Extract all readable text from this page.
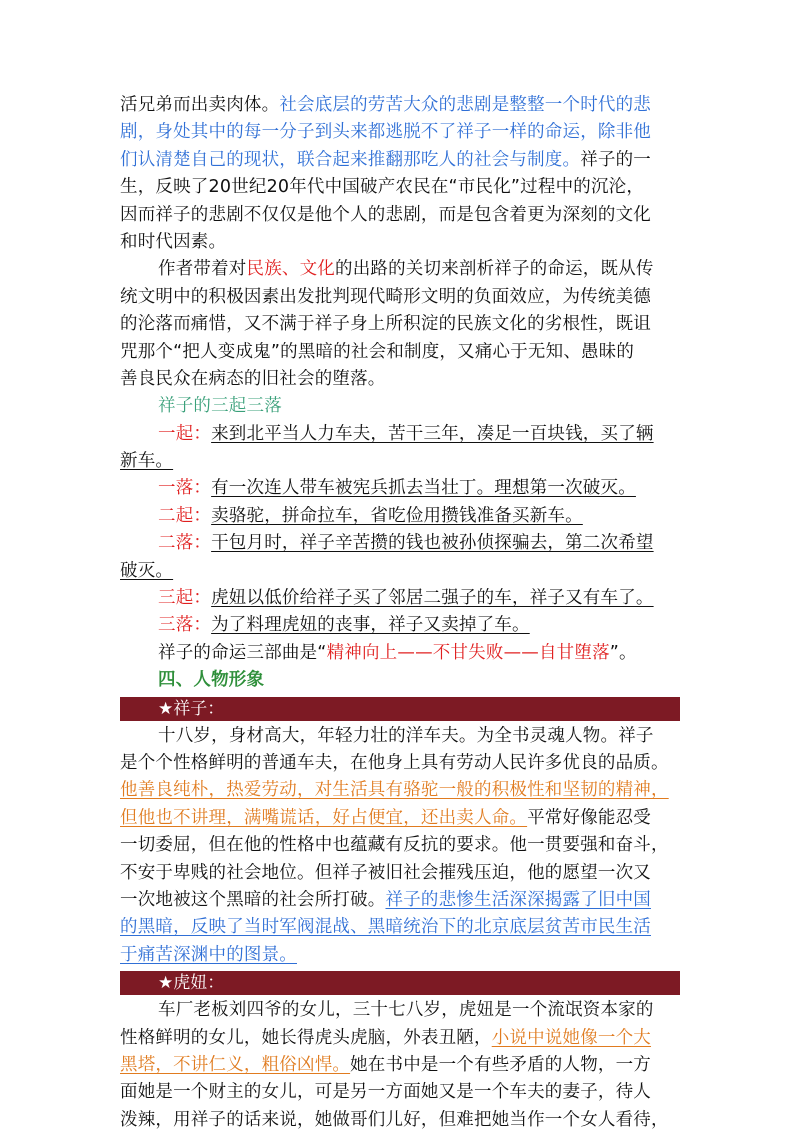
活兄弟而出卖肉体。社会底层的劳苦大众的悲剧是整整一个时代的悲
剧，身处其中的每一分子到头来都逃脱不了祥子一样的命运，除非他
们认清楚自己的现状，联合起来推翻那吃人的社会与制度。祥子的一
生，反映了20世纪20年代中国破产农民在“市民化”过程中的沉沦，
因而祥子的悲剧不仅仅是他个人的悲剧，而是包含着更为深刻的文化
和时代因素。
作者带着对民族、文化的出路的关切来剖析祥子的命运，既从传
统文明中的积极因素出发批判现代畸形文明的负面效应，为传统美德
的沦落而痛惜，又不满于祥子身上所积淀的民族文化的劣根性，既诅
咒那个“把人变成鬼”的黑暗的社会和制度，又痛心于无知、愚昧的
善良民众在病态的旧社会的堕落。
祥子的三起三落
一起：来到北平当人力车夫，苦干三年，凑足一百块钱，买了辆
新车。
一落：有一次连人带车被宪兵抓去当壮丁。理想第一次破灭。
二起：卖骆驼，拼命拉车，省吃俭用攒钱准备买新车。
二落：干包月时，祥子辛苦攒的钱也被孙侦探骗去，第二次希望
破灭。
三起：虎妞以低价给祥子买了邻居二强子的车，祥子又有车了。
三落：为了料理虎妞的丧事，祥子又卖掉了车。
祥子的命运三部曲是“精神向上——不甘失败——自甘堕落”。
四、人物形象
★祥子：
十八岁，身材高大，年轻力壮的洋车夫。为全书灵魂人物。祥子
是个个性格鲜明的普通车夫，在他身上具有劳动人民许多优良的品质。
他善良纯朴，热爱劳动，对生活具有骆驼一般的积极性和坚韧的精神，
但他也不讲理，满嘴谎话，好占便宜，还出卖人命。平常好像能忍受
一切委屈，但在他的性格中也蕴藏有反抗的要求。他一贯要强和奋斗，
不安于卑贱的社会地位。但祥子被旧社会摧残压迫，他的愿望一次又
一次地被这个黑暗的社会所打破。祥子的悲惨生活深深揭露了旧中国
的黑暗，反映了当时军阀混战、黑暗统治下的北京底层贫苦市民生活
于痛苦深渊中的图景。
★虎妞：
车厂老板刘四爷的女儿，三十七八岁，虎妞是一个流氓资本家的
性格鲜明的女儿，她长得虎头虎脑，外表丑陋，小说中说她像一个大
黑塔，不讲仁义，粗俗凶悍。她在书中是一个有些矛盾的人物，一方
面她是一个财主的女儿，可是另一方面她又是一个车夫的妻子，待人
泼辣，用祥子的话来说，她做哥们儿好，但难把她当作一个女人看待，
